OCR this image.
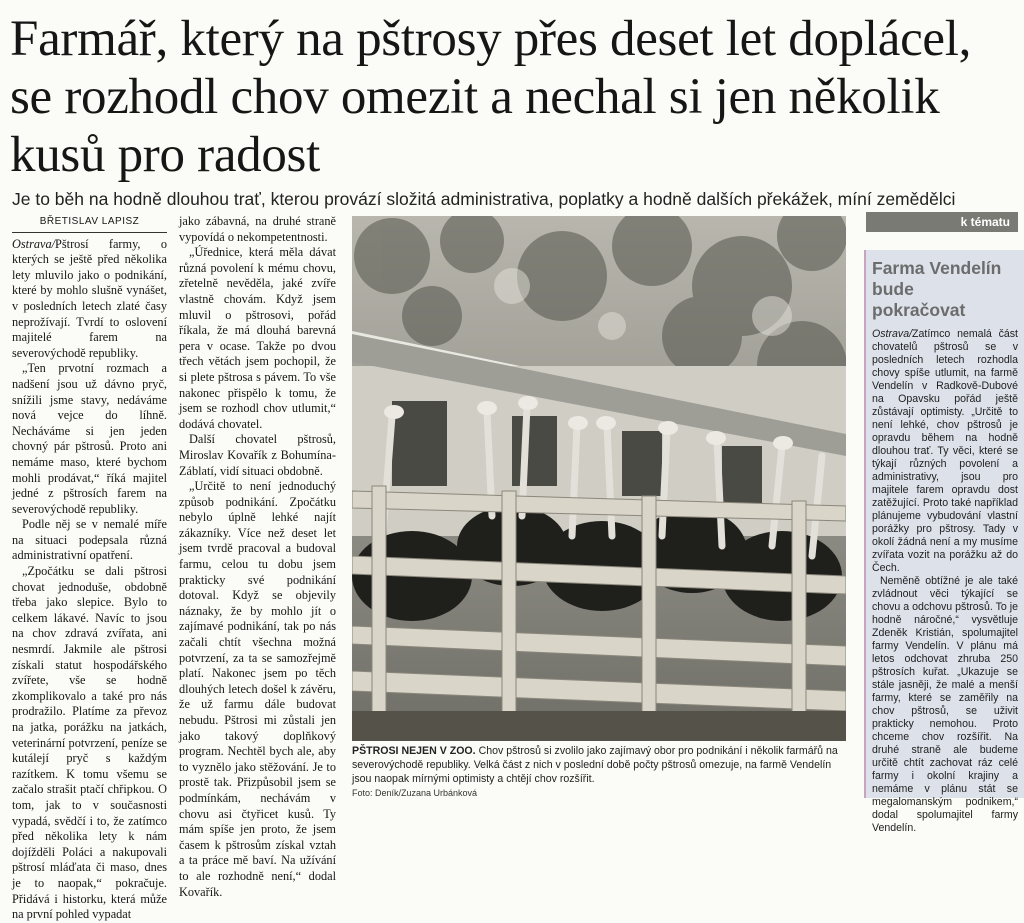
Farmář, který na pštrosy přes deset let doplácel, se rozhodl chov omezit a nechal si jen několik kusů pro radost
Je to běh na hodně dlouhou trať, kterou provází složitá administrativa, poplatky a hodně dalších překážek, míní zemědělci
BŘETISLAV LAPISZ

Ostrava/Pštrosí farmy, o kterých se ještě před několika lety mluvilo jako o podnikání, které by mohlo slušně vynášet, v posledních letech zlaté časy neprožívají. Tvrdí to oslovení majitelé farem na severovýchodě republiky.

„Ten prvotní rozmach a nadšení jsou už dávno pryč, snížili jsme stavy, nedáváme nová vejce do líhně. Necháváme si jen jeden chovný pár pštrosů. Proto ani nemáme maso, které bychom mohli prodávat,“ říká majitel jedné z pštrosích farem na severovýchodě republiky.

Podle něj se v nemalé míře na situaci podepsala různá administrativní opatření.

„Zpočátku se dali pštrosi chovat jednoduše, obdobně třeba jako slepice. Bylo to celkem lákavé. Navíc to jsou na chov zdravá zvířata, ani nesmrdí. Jakmile ale pštrosi získali statut hospodářského zvířete, vše se hodně zkomplikovalo a také pro nás prodražilo. Platíme za převoz na jatka, porážku na jatkách, veterinární potvrzení, peníze se kutálejí pryč s každým razítkem. K tomu všemu se začalo strašit ptačí chřipkou. O tom, jak to v současnosti vypadá, svědčí i to, že zatímco před několika lety k nám dojížděli Poláci a nakupovali pštrosí mláďata či maso, dnes je to naopak,“ pokračuje. Přidává i historku, která může na první pohled vypadat

jako zábavná, na druhé straně vypovídá o nekompetentnosti.

„Úřednice, která měla dávat různá povolení k mému chovu, zřetelně nevěděla, jaké zvíře vlastně chovám. Když jsem mluvil o pštrosovi, pořád říkala, že má dlouhá barevná pera v ocase. Takže po dvou třech větách jsem pochopil, že si plete pštrosa s pávem. To vše nakonec přispělo k tomu, že jsem se rozhodl chov utlumit,“ dodává chovatel.

Další chovatel pštrosů, Miroslav Kovařík z Bohumína-Záblatí, vidí situaci obdobně.

„Určitě to není jednoduchý způsob podnikání. Zpočátku nebylo úplně lehké najít zákazníky. Více než deset let jsem tvrdě pracoval a budoval farmu, celou tu dobu jsem prakticky své podnikání dotoval. Když se objevily náznaky, že by mohlo jít o zajímavé podnikání, tak po nás začali chtít všechna možná potvrzení, za ta se samozřejmě platí. Nakonec jsem po těch dlouhých letech došel k závěru, že už farmu dále budovat nebudu. Pštrosi mi zůstali jen jako takový doplňkový program. Nechtěl bych ale, aby to vyznělo jako stěžování. Je to prostě tak. Přizpůsobil jsem se podmínkám, nechávám v chovu asi čtyřicet kusů. Ty mám spíše jen proto, že jsem časem k pštrosům získal vztah a ta práce mě baví. Na užívání to ale rozhodně není,“ dodal Kovařík.

PŠTROSI NEJEN V ZOO. Chov pštrosů si zvolilo jako zajímavý obor pro podnikání i několik farmářů na severovýchodě republiky. Velká část z nich v poslední době počty pštrosů omezuje, na farmě Vendelín jsou naopak mírnými optimisty a chtějí chov rozšířit.
Foto: Deník/Zuzana Urbánková
k tématu
Farma Vendelín bude pokračovat

Ostrava/Zatímco nemalá část chovatelů pštrosů se v posledních letech rozhodla chovy spíše utlumit, na farmě Vendelín v Radkově-Dubové na Opavsku pořád ještě zůstávají optimisty. „Určitě to není lehké, chov pštrosů je opravdu během na hodně dlouhou trať. Ty věci, které se týkají různých povolení a administrativy, jsou pro majitele farem opravdu dost zatěžující. Proto také například plánujeme vybudování vlastní porážky pro pštrosy. Tady v okolí žádná není a my musíme zvířata vozit na porážku až do Čech.

Neměně obtížné je ale také zvládnout věci týkající se chovu a odchovu pštrosů. To je hodně náročné,“ vysvětluje Zdeněk Kristián, spolumajitel farmy Vendelín. V plánu má letos odchovat zhruba 250 pštrosích kuřat. „Ukazuje se stále jasněji, že malé a menší farmy, které se zaměřily na chov pštrosů, se uživit prakticky nemohou. Proto chceme chov rozšířit. Na druhé straně ale budeme určitě chtít zachovat ráz celé farmy i okolní krajiny a nemáme v plánu stát se megalomanským podnikem,“ dodal spolumajitel farmy Vendelín.
